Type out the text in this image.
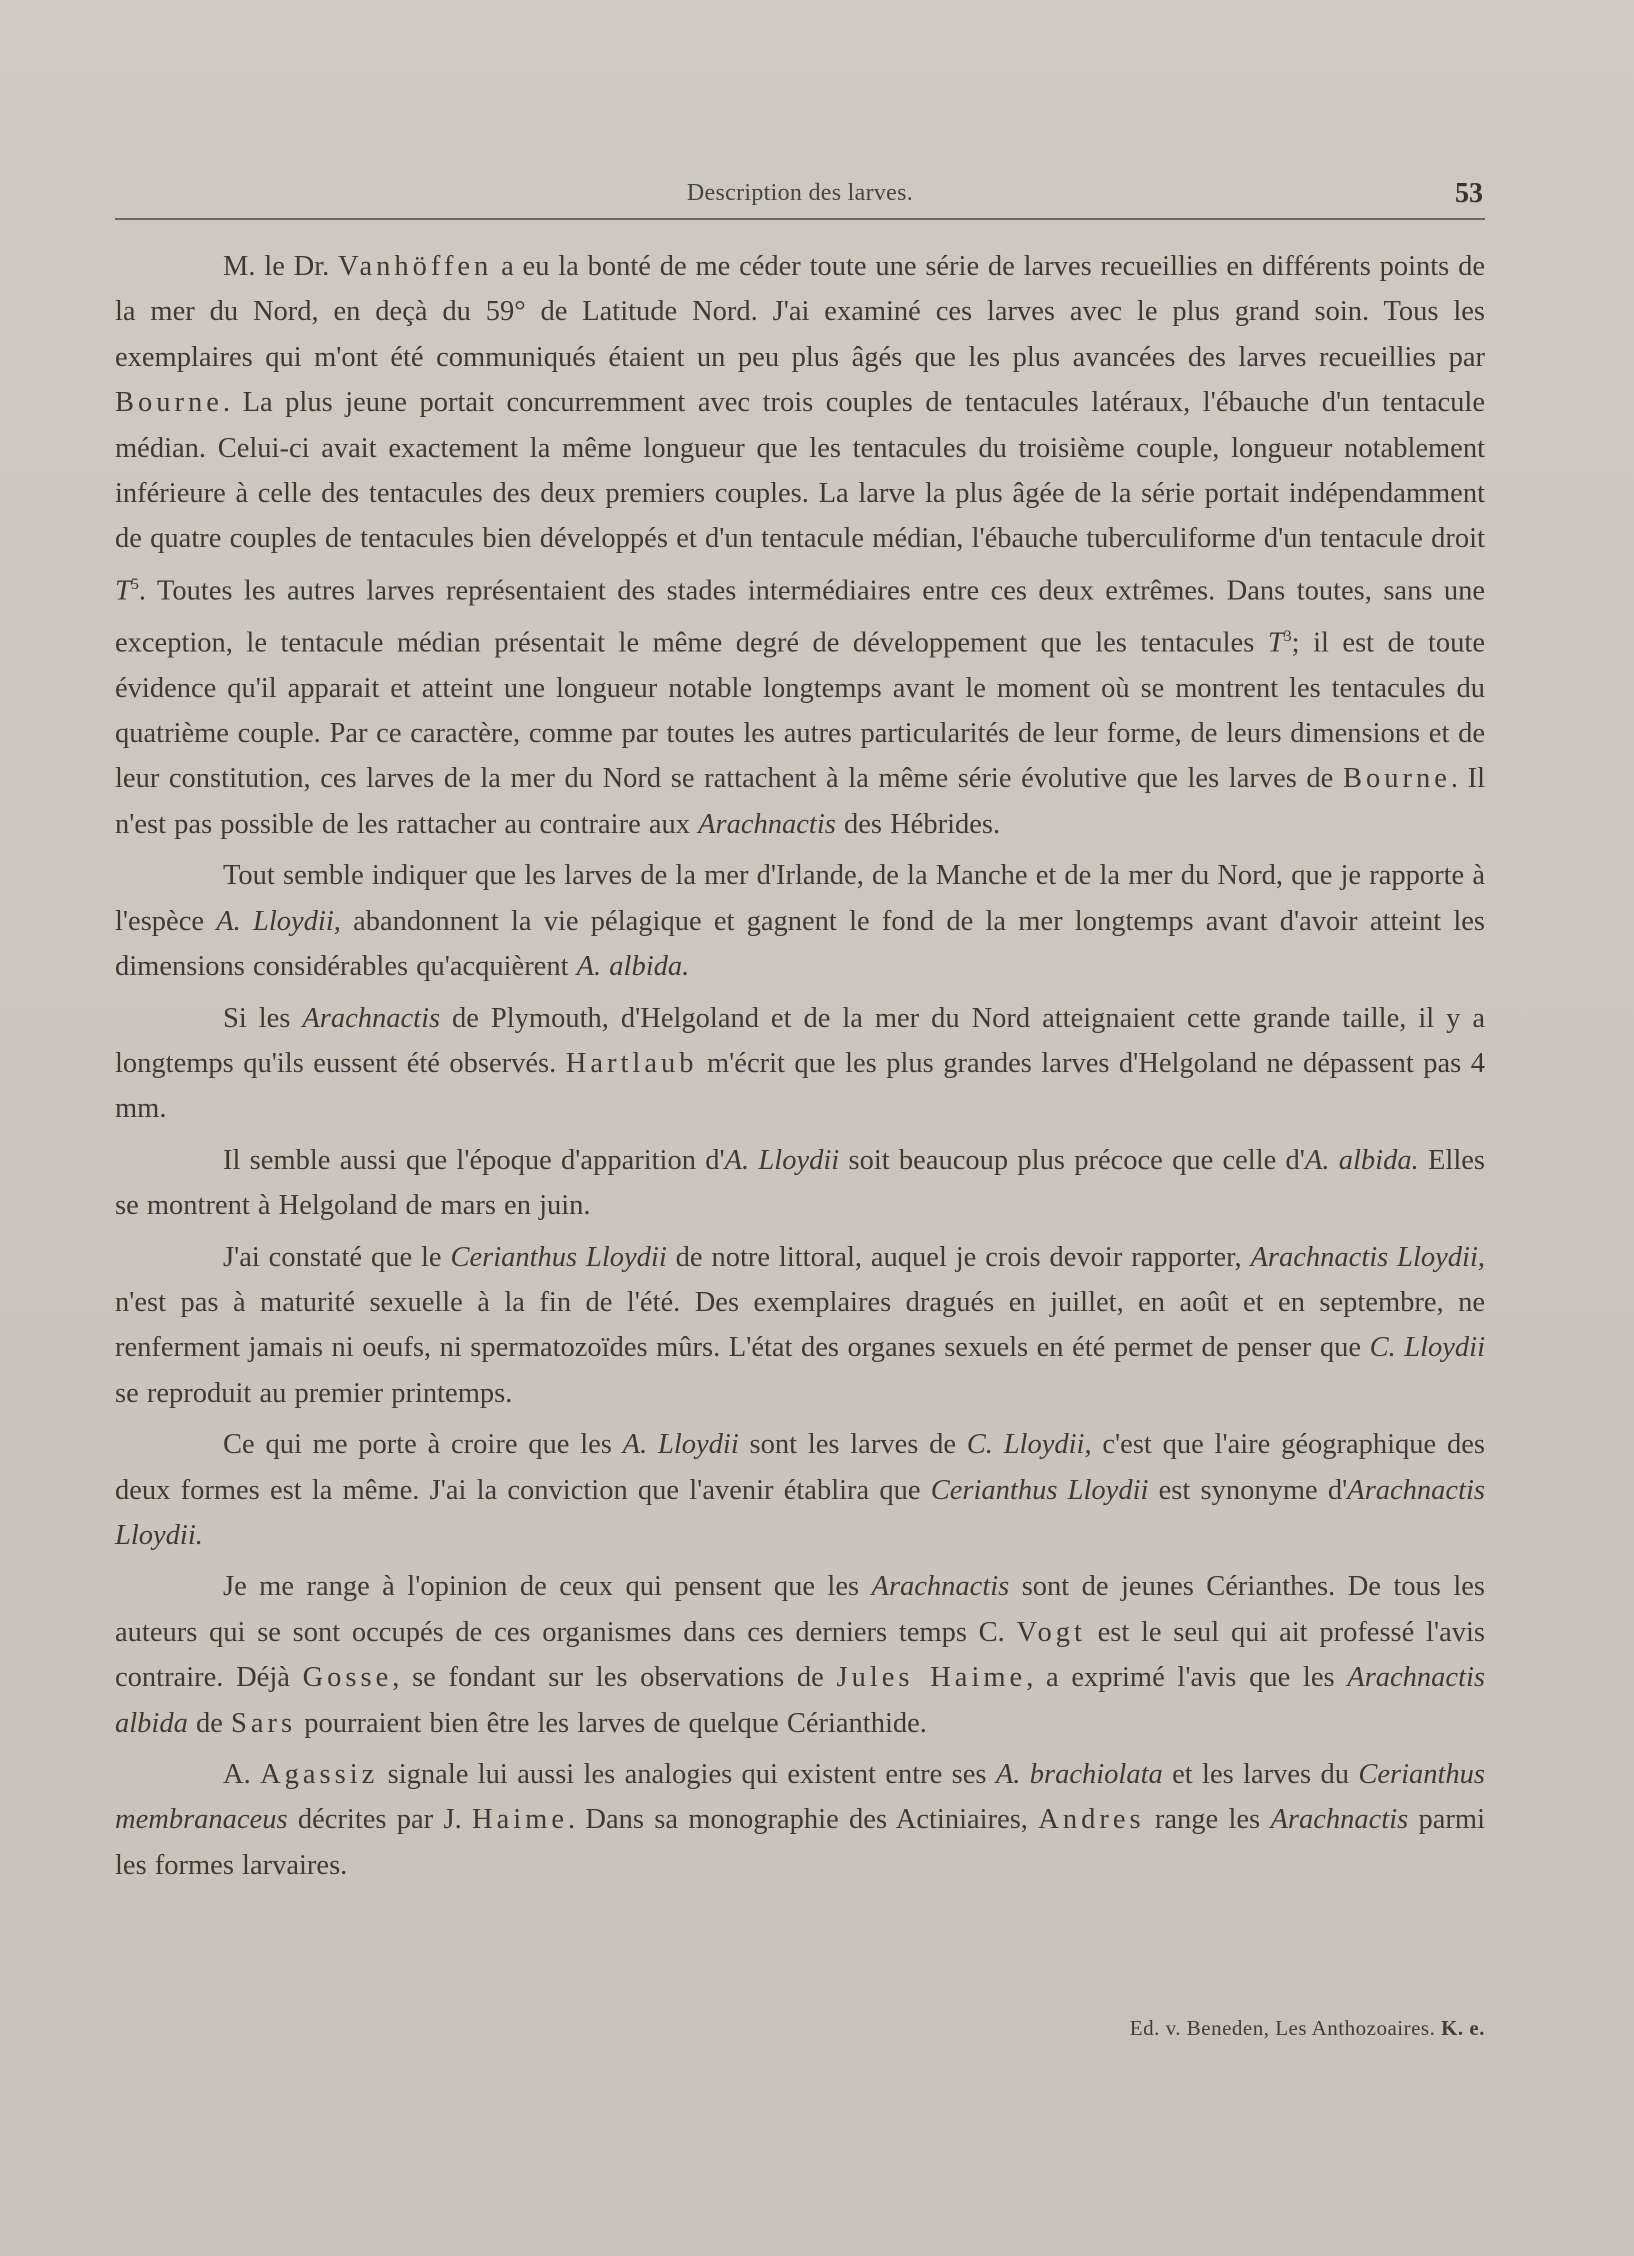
Description des larves.	53

M. le Dr. Vanhöffen a eu la bonté de me céder toute une série de larves recueillies en différents points de la mer du Nord, en deçà du 59° de Latitude Nord. J'ai examiné ces larves avec le plus grand soin. Tous les exemplaires qui m'ont été communiqués étaient un peu plus âgés que les plus avancées des larves recueillies par Bourne. La plus jeune portait concurremment avec trois couples de tentacules latéraux, l'ébauche d'un tentacule médian. Celui-ci avait exactement la même longueur que les tentacules du troisième couple, longueur notablement inférieure à celle des tentacules des deux premiers couples. La larve la plus âgée de la série portait indépendamment de quatre couples de tentacules bien développés et d'un tentacule médian, l'ébauche tuberculiforme d'un tentacule droit $T^5$. Toutes les autres larves représentaient des stades intermédiaires entre ces deux extrêmes. Dans toutes, sans une exception, le tentacule médian présentait le même degré de développement que les tentacules $T^3$; il est de toute évidence qu'il apparait et atteint une longueur notable longtemps avant le moment où se montrent les tentacules du quatrième couple. Par ce caractère, comme par toutes les autres particularités de leur forme, de leurs dimensions et de leur constitution, ces larves de la mer du Nord se rattachent à la même série évolutive que les larves de Bourne. Il n'est pas possible de les rattacher au contraire aux Arachnactis des Hébrides.

Tout semble indiquer que les larves de la mer d'Irlande, de la Manche et de la mer du Nord, que je rapporte à l'espèce A. Lloydii, abandonnent la vie pélagique et gagnent le fond de la mer longtemps avant d'avoir atteint les dimensions considérables qu'acquièrent A. albida.

Si les Arachnactis de Plymouth, d'Helgoland et de la mer du Nord atteignaient cette grande taille, il y a longtemps qu'ils eussent été observés. Hartlaub m'écrit que les plus grandes larves d'Helgoland ne dépassent pas 4 mm.

Il semble aussi que l'époque d'apparition d'A. Lloydii soit beaucoup plus précoce que celle d'A. albida. Elles se montrent à Helgoland de mars en juin.

J'ai constaté que le Cerianthus Lloydii de notre littoral, auquel je crois devoir rapporter, Arachnactis Lloydii, n'est pas à maturité sexuelle à la fin de l'été. Des exemplaires dragués en juillet, en août et en septembre, ne renferment jamais ni oeufs, ni spermatozoïdes mûrs. L'état des organes sexuels en été permet de penser que C. Lloydii se reproduit au premier printemps.

Ce qui me porte à croire que les A. Lloydii sont les larves de C. Lloydii, c'est que l'aire géographique des deux formes est la même. J'ai la conviction que l'avenir établira que Cerianthus Lloydii est synonyme d'Arachnactis Lloydii.

Je me range à l'opinion de ceux qui pensent que les Arachnactis sont de jeunes Cérianthes. De tous les auteurs qui se sont occupés de ces organismes dans ces derniers temps C. Vogt est le seul qui ait professé l'avis contraire. Déjà Gosse, se fondant sur les observations de Jules Haime, a exprimé l'avis que les Arachnactis albida de Sars pourraient bien être les larves de quelque Cérianthide.

A. Agassiz signale lui aussi les analogies qui existent entre ses A. brachiolata et les larves du Cerianthus membranaceus décrites par J. Haime. Dans sa monographie des Actiniaires, Andres range les Arachnactis parmi les formes larvaires.

Ed. v. Beneden, Les Anthozoaires. K. e.
